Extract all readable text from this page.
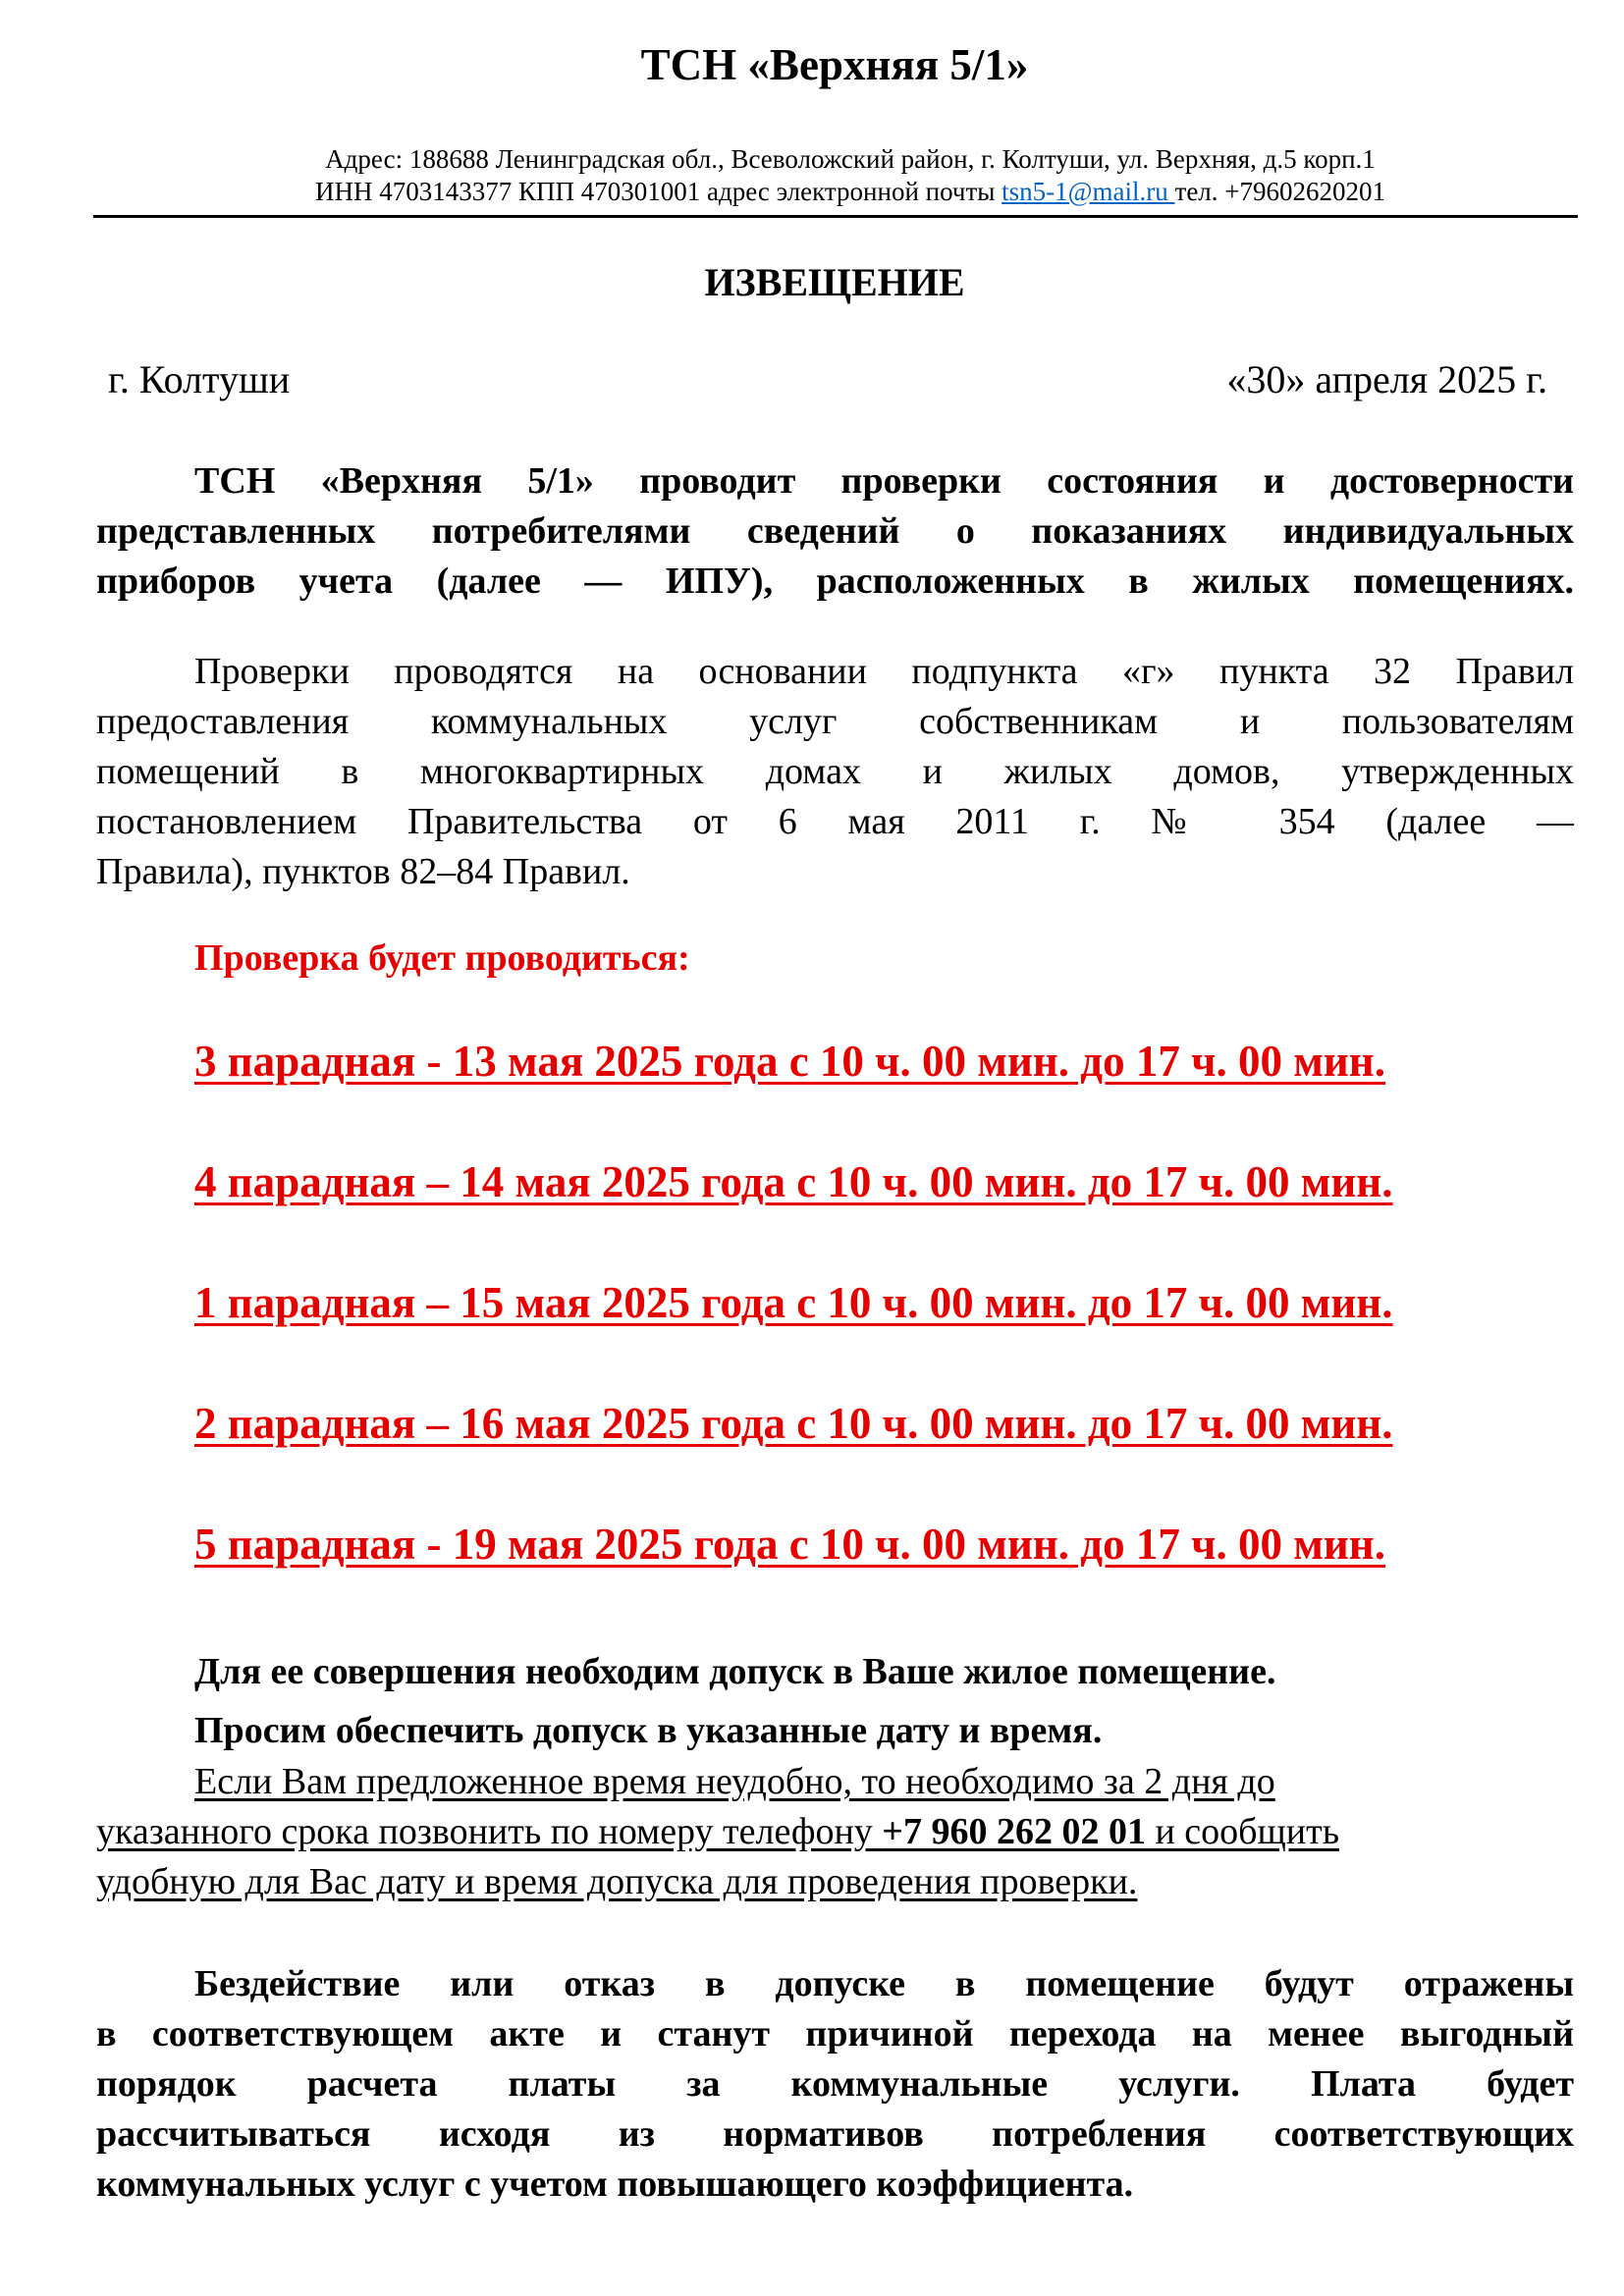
ТСН «Верхняя 5/1»
Адрес: 188688 Ленинградская обл., Всеволожский район, г. Колтуши, ул. Верхняя, д.5 корп.1
ИНН 4703143377 КПП 470301001 адрес электронной почты tsn5-1@mail.ru тел. +79602620201
ИЗВЕЩЕНИЕ
г. Колтуши	«30» апреля 2025 г.
ТСН «Верхняя 5/1» проводит проверки состояния и достоверности
представленных потребителями сведений о показаниях индивидуальных
приборов учета (далее — ИПУ), расположенных в жилых помещениях.
Проверки проводятся на основании подпункта «г» пункта 32 Правил
предоставления коммунальных услуг собственникам и пользователям
помещений в многоквартирных домах и жилых домов, утвержденных
постановлением Правительства от 6 мая 2011 г. № 354 (далее —
Правила), пунктов 82–84 Правил.
Проверка будет проводиться:
3 парадная - 13 мая 2025 года с 10 ч. 00 мин. до 17 ч. 00 мин.
4 парадная – 14 мая 2025 года с 10 ч. 00 мин. до 17 ч. 00 мин.
1 парадная – 15 мая 2025 года с 10 ч. 00 мин. до 17 ч. 00 мин.
2 парадная – 16 мая 2025 года с 10 ч. 00 мин. до 17 ч. 00 мин.
5 парадная - 19 мая 2025 года с 10 ч. 00 мин. до 17 ч. 00 мин.
Для ее совершения необходим допуск в Ваше жилое помещение.
Просим обеспечить допуск в указанные дату и время.
Если Вам предложенное время неудобно, то необходимо за 2 дня до
указанного срока позвонить по номеру телефону +7 960 262 02 01 и сообщить
удобную для Вас дату и время допуска для проведения проверки.
Бездействие или отказ в допуске в помещение будут отражены
в соответствующем акте и станут причиной перехода на менее выгодный
порядок расчета платы за коммунальные услуги. Плата будет
рассчитываться исходя из нормативов потребления соответствующих
коммунальных услуг с учетом повышающего коэффициента.
